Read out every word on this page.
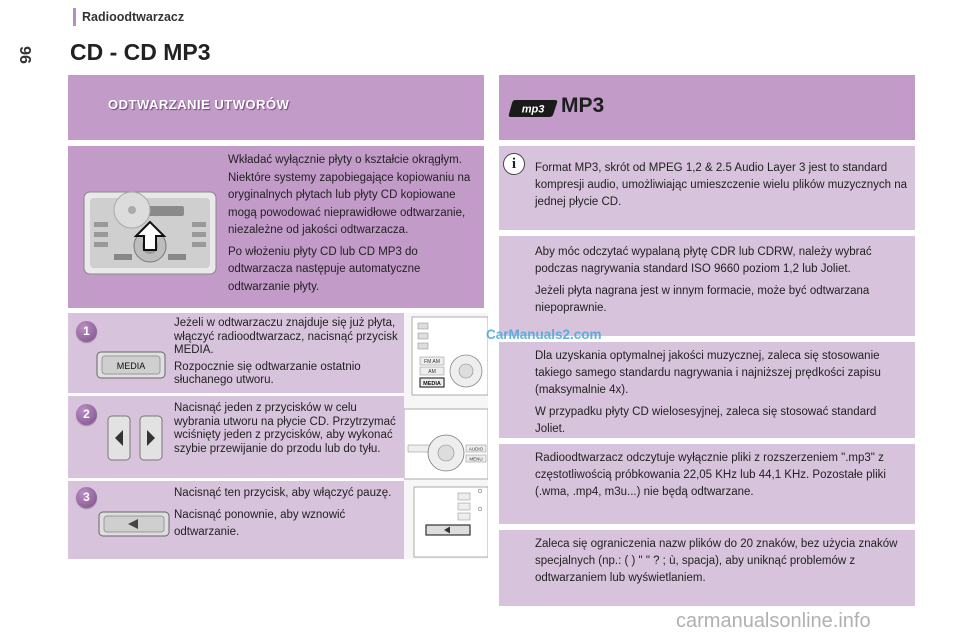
Radioodtwarzacz
96 CD - CD MP3
ODTWARZANIE UTWORÓW

Wkładać wyłącznie płyty o kształcie okrągłym. Niektóre systemy zapobiegające kopiowaniu na oryginalnych płytach lub płyty CD kopiowane mogą powodować nieprawidłowe odtwarzanie, niezależne od jakości odtwarzacza.

Po włożeniu płyty CD lub CD MP3 do odtwarzacza następuje automatyczne odtwarzanie płyty.

1
MEDIA

Jeżeli w odtwarzaczu znajduje się już płyta, włączyć radioodtwarzacz, nacisnąć przycisk MEDIA.

Rozpocznie się odtwarzanie ostatnio słuchanego utworu.

2	Nacisnąć jeden z przycisków w celu wybrania utworu na płycie CD. Przytrzymać wciśnięty jeden z przycisków, aby wykonać szybie przewijanie do przodu lub do tyłu.

3	Nacisnąć ten przycisk, aby włączyć pauzę.

Nacisnąć ponownie, aby wznowić odtwarzanie.

FM AM
AM
MEDIA
AUDIO
MENU
mp3 MP3
i	Format MP3, skrót od MPEG 1,2 & 2.5 Audio Layer 3 jest to standard kompresji audio, umożliwiając umieszczenie wielu plików muzycznych na jednej płycie CD.

Aby móc odczytać wypalaną płytę CDR lub CDRW, należy wybrać podczas nagrywania standard ISO 9660 poziom 1,2 lub Joliet.

Jeżeli płyta nagrana jest w innym formacie, może być odtwarzana niepoprawnie.

Dla uzyskania optymalnej jakości muzycznej, zaleca się stosowanie takiego samego standardu nagrywania i najniższej prędkości zapisu (maksymalnie 4x).

W przypadku płyty CD wielosesyjnej, zaleca się stosować standard Joliet.

Radioodtwarzacz odczytuje wyłącznie pliki z rozszerzeniem ".mp3" z częstotliwością próbkowania 22,05 KHz lub 44,1 KHz. Pozostałe pliki (.wma, .mp4, m3u...) nie będą odtwarzane.

Zaleca się ograniczenia nazw plików do 20 znaków, bez użycia znaków specjalnych (np.: ( ) " " ? ; ù, spacja), aby uniknąć problemów z odtwarzaniem lub wyświetlaniem.

CarManuals2.com
carmanualsonline.info
